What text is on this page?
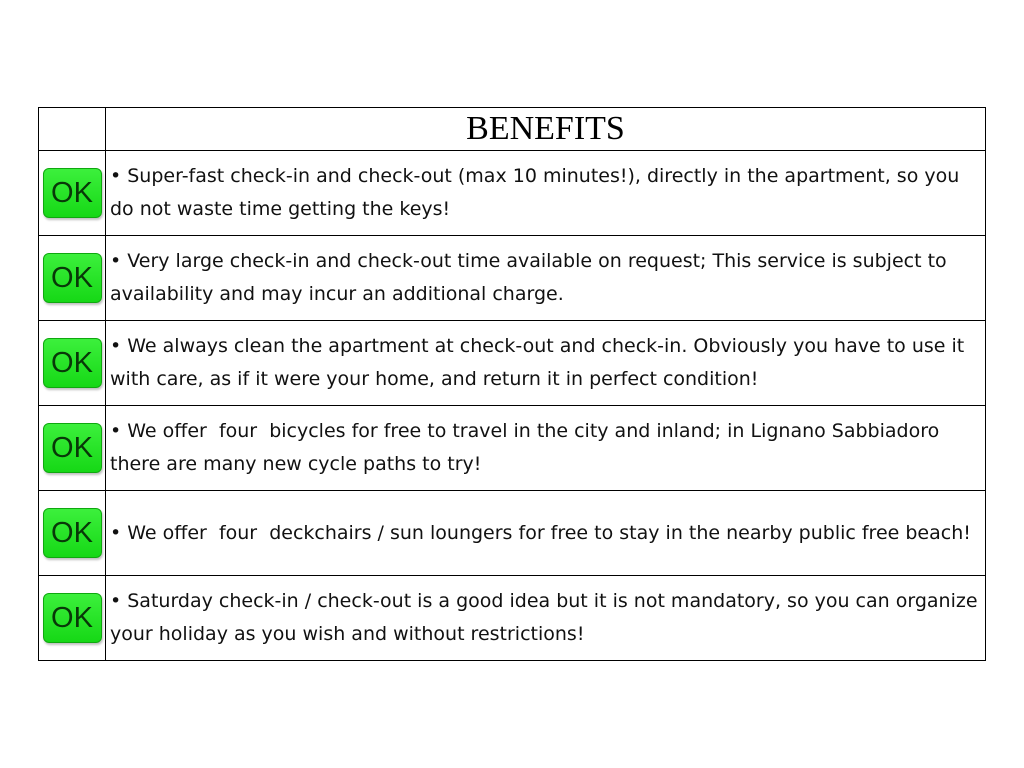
	BENEFITS
OK	• Super-fast check-in and check-out (max 10 minutes!), directly in the apartment, so you do not waste time getting the keys!
OK	• Very large check-in and check-out time available on request; This service is subject to availability and may incur an additional charge.
OK	• We always clean the apartment at check-out and check-in. Obviously you have to use it with care, as if it were your home, and return it in perfect condition!
OK	• We offer  four  bicycles for free to travel in the city and inland; in Lignano Sabbiadoro there are many new cycle paths to try!
OK	• We offer  four  deckchairs / sun loungers for free to stay in the nearby public free beach!
OK	• Saturday check-in / check-out is a good idea but it is not mandatory, so you can organize your holiday as you wish and without restrictions!
